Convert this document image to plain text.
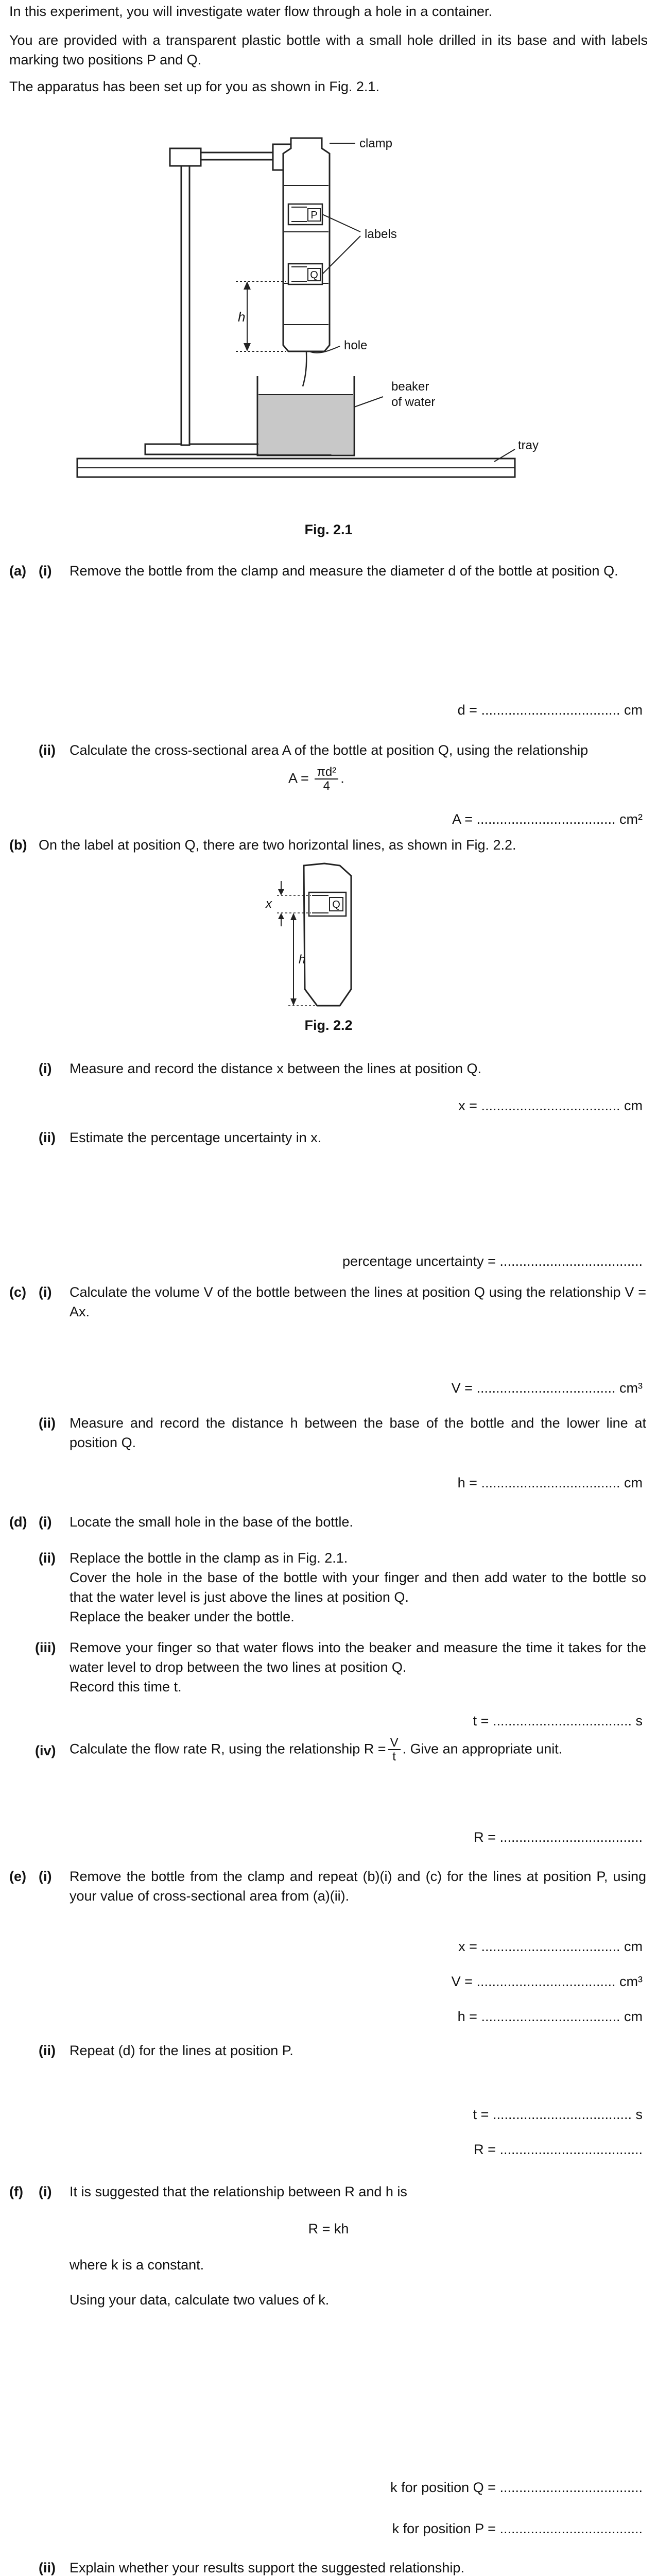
In this experiment, you will investigate water flow through a hole in a container.
You are provided with a transparent plastic bottle with a small hole drilled in its base and with labels marking two positions P and Q.
The apparatus has been set up for you as shown in Fig. 2.1.
P
Q
clamp
labels
h
hole
beaker
of water
tray
Fig. 2.1
(a) (i) Remove the bottle from the clamp and measure the diameter d of the bottle at position Q.
d = .................................... cm
(ii) Calculate the cross-sectional area A of the bottle at position Q, using the relationship
$A = \frac{\text{πd²}}{4}$ .
A = .................................... cm²
(b) On the label at position Q, there are two horizontal lines, as shown in Fig. 2.2.
Q
x
h
Fig. 2.2
(i) Measure and record the distance x between the lines at position Q.
x = .................................... cm
(ii) Estimate the percentage uncertainty in x.
percentage uncertainty = .....................................
(c) (i) Calculate the volume V of the bottle between the lines at position Q using the relationship V = Ax.
V = .................................... cm³
(ii) Measure and record the distance h between the base of the bottle and the lower line at position Q.
h = .................................... cm
(d) (i) Locate the small hole in the base of the bottle.
(ii) Replace the bottle in the clamp as in Fig. 2.1.
Cover the hole in the base of the bottle with your finger and then add water to the bottle so that the water level is just above the lines at position Q.
Replace the beaker under the bottle.
(iii) Remove your finger so that water flows into the beaker and measure the time it takes for the water level to drop between the two lines at position Q.
Record this time t.
t = .................................... s
(iv) Calculate the flow rate R, using the relationship $R = \frac{V}{t}$ . Give an appropriate unit.
R = .....................................
(e) (i) Remove the bottle from the clamp and repeat (b)(i) and (c) for the lines at position P, using your value of cross-sectional area from (a)(ii).
x = .................................... cm
V = .................................... cm³
h = .................................... cm
(ii) Repeat (d) for the lines at position P.
t = .................................... s
R = .....................................
(f) (i) It is suggested that the relationship between R and h is
R = kh
where k is a constant.
Using your data, calculate two values of k.
k for position Q = .....................................
k for position P = .....................................
(ii) Explain whether your results support the suggested relationship.
